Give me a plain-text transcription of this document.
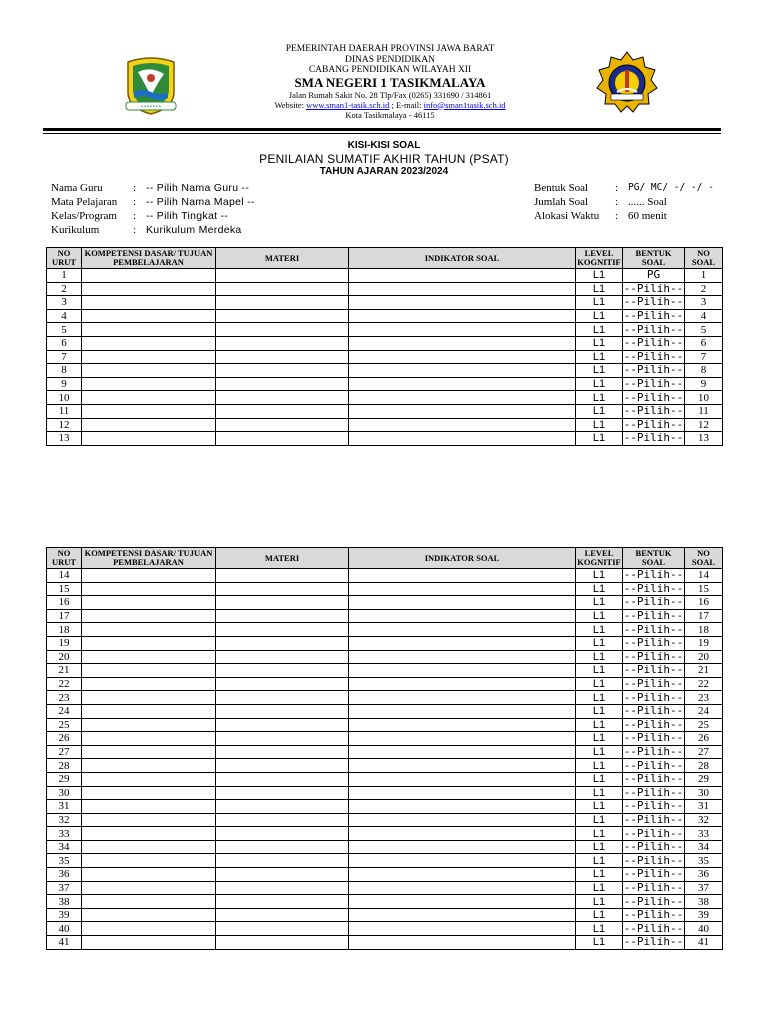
•••••••
PEMERINTAH DAERAH PROVINSI JAWA BARAT
DINAS PENDIDIKAN
CABANG PENDIDIKAN WILAYAH XII
SMA NEGERI 1 TASIKMALAYA
Jalan Rumah Sakit No. 28 Tlp/Fax (0265) 331690 / 314861
Website: www.sman1-tasik.sch.id ; E-mail: info@sman1tasik.sch.id
Kota Tasikmalaya - 46115
KISI-KISI SOAL
PENILAIAN SUMATIF AKHIR TAHUN (PSAT)
TAHUN AJARAN 2023/2024
Nama Guru	: -- Pilih Nama Guru --
Mata Pelajaran	: -- Pilih Nama Mapel --
Kelas/Program	: -- Pilih Tingkat --
Kurikulum	: Kurikulum Merdeka
Bentuk Soal	:	PG/ MC/ -/ -/ -
Jumlah Soal	: ...... Soal
Alokasi Waktu	: 60 menit
NO URUT	KOMPETENSI DASAR/ TUJUAN PEMBELAJARAN	MATERI	INDIKATOR SOAL	LEVEL KOGNITIF	BENTUK SOAL	NO SOAL
1				L1	PG	1
2				L1	--Pilih--	2
3				L1	--Pilih--	3
4				L1	--Pilih--	4
5				L1	--Pilih--	5
6				L1	--Pilih--	6
7				L1	--Pilih--	7
8				L1	--Pilih--	8
9				L1	--Pilih--	9
10				L1	--Pilih--	10
11				L1	--Pilih--	11
12				L1	--Pilih--	12
13				L1	--Pilih--	13
NO URUT	KOMPETENSI DASAR/ TUJUAN PEMBELAJARAN	MATERI	INDIKATOR SOAL	LEVEL KOGNITIF	BENTUK SOAL	NO SOAL
14				L1	--Pilih--	14
15				L1	--Pilih--	15
16				L1	--Pilih--	16
17				L1	--Pilih--	17
18				L1	--Pilih--	18
19				L1	--Pilih--	19
20				L1	--Pilih--	20
21				L1	--Pilih--	21
22				L1	--Pilih--	22
23				L1	--Pilih--	23
24				L1	--Pilih--	24
25				L1	--Pilih--	25
26				L1	--Pilih--	26
27				L1	--Pilih--	27
28				L1	--Pilih--	28
29				L1	--Pilih--	29
30				L1	--Pilih--	30
31				L1	--Pilih--	31
32				L1	--Pilih--	32
33				L1	--Pilih--	33
34				L1	--Pilih--	34
35				L1	--Pilih--	35
36				L1	--Pilih--	36
37				L1	--Pilih--	37
38				L1	--Pilih--	38
39				L1	--Pilih--	39
40				L1	--Pilih--	40
41				L1	--Pilih--	41
